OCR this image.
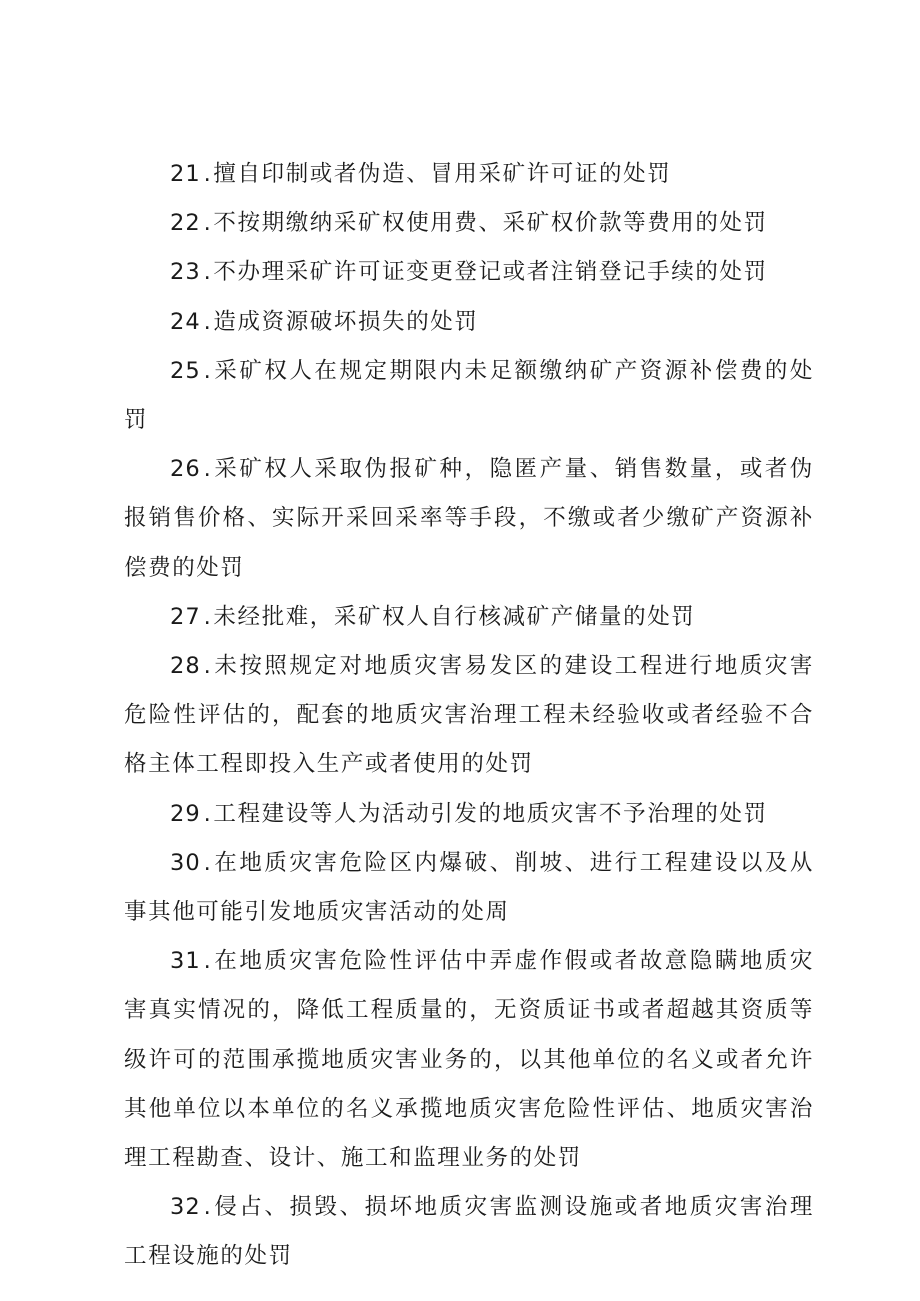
21 .擅自印制或者伪造、冒用采矿许可证的处罚
22 .不按期缴纳采矿权使用费、采矿权价款等费用的处罚
23 .不办理采矿许可证变更登记或者注销登记手续的处罚
24 .造成资源破坏损失的处罚
25 .采矿权人在规定期限内未足额缴纳矿产资源补偿费的处罚
26 .采矿权人采取伪报矿种，隐匿产量、销售数量，或者伪报销售价格、实际开采回采率等手段，不缴或者少缴矿产资源补偿费的处罚
27 .未经批难，采矿权人自行核减矿产储量的处罚
28 .未按照规定对地质灾害易发区的建设工程进行地质灾害危险性评估的，配套的地质灾害治理工程未经验收或者经验不合格主体工程即投入生产或者使用的处罚
29 .工程建设等人为活动引发的地质灾害不予治理的处罚
30 .在地质灾害危险区内爆破、削坡、进行工程建设以及从事其他可能引发地质灾害活动的处周
31 .在地质灾害危险性评估中弄虚作假或者故意隐瞒地质灾害真实情况的，降低工程质量的，无资质证书或者超越其资质等级许可的范围承揽地质灾害业务的，以其他单位的名义或者允许其他单位以本单位的名义承揽地质灾害危险性评估、地质灾害治理工程勘查、设计、施工和监理业务的处罚
32 .侵占、损毁、损坏地质灾害监测设施或者地质灾害治理工程设施的处罚
